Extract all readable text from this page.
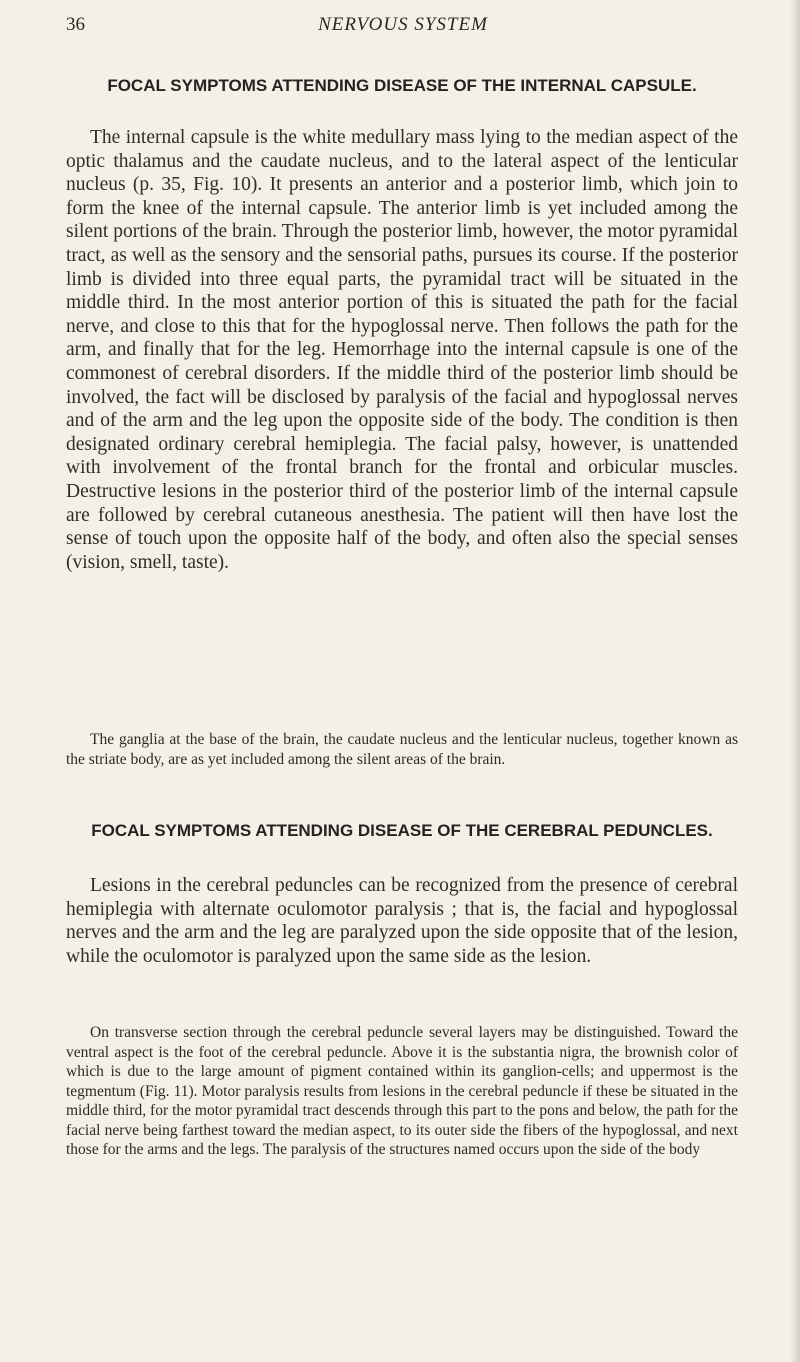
36	NERVOUS SYSTEM
FOCAL SYMPTOMS ATTENDING DISEASE OF THE INTERNAL CAPSULE.
The internal capsule is the white medullary mass lying to the median aspect of the optic thalamus and the caudate nucleus, and to the lateral aspect of the lenticular nucleus (p. 35, Fig. 10). It presents an anterior and a posterior limb, which join to form the knee of the internal capsule. The anterior limb is yet included among the silent portions of the brain. Through the posterior limb, however, the motor pyramidal tract, as well as the sensory and the sensorial paths, pursues its course. If the posterior limb is divided into three equal parts, the pyramidal tract will be situated in the middle third. In the most anterior portion of this is situated the path for the facial nerve, and close to this that for the hypoglossal nerve. Then follows the path for the arm, and finally that for the leg. Hemorrhage into the internal capsule is one of the commonest of cerebral disorders. If the middle third of the posterior limb should be involved, the fact will be disclosed by paralysis of the facial and hypoglossal nerves and of the arm and the leg upon the opposite side of the body. The condition is then designated ordinary cerebral hemiplegia. The facial palsy, however, is unattended with involvement of the frontal branch for the frontal and orbicular muscles. Destructive lesions in the posterior third of the posterior limb of the internal capsule are followed by cerebral cutaneous anesthesia. The patient will then have lost the sense of touch upon the opposite half of the body, and often also the special senses (vision, smell, taste).
The ganglia at the base of the brain, the caudate nucleus and the lenticular nucleus, together known as the striate body, are as yet included among the silent areas of the brain.
FOCAL SYMPTOMS ATTENDING DISEASE OF THE CEREBRAL PEDUNCLES.
Lesions in the cerebral peduncles can be recognized from the presence of cerebral hemiplegia with alternate oculomotor paralysis ; that is, the facial and hypoglossal nerves and the arm and the leg are paralyzed upon the side opposite that of the lesion, while the oculomotor is paralyzed upon the same side as the lesion.
On transverse section through the cerebral peduncle several layers may be distinguished. Toward the ventral aspect is the foot of the cerebral peduncle. Above it is the substantia nigra, the brownish color of which is due to the large amount of pigment contained within its ganglion-cells; and uppermost is the tegmentum (Fig. 11). Motor paralysis results from lesions in the cerebral peduncle if these be situated in the middle third, for the motor pyramidal tract descends through this part to the pons and below, the path for the facial nerve being farthest toward the median aspect, to its outer side the fibers of the hypoglossal, and next those for the arms and the legs. The paralysis of the structures named occurs upon the side of the body
